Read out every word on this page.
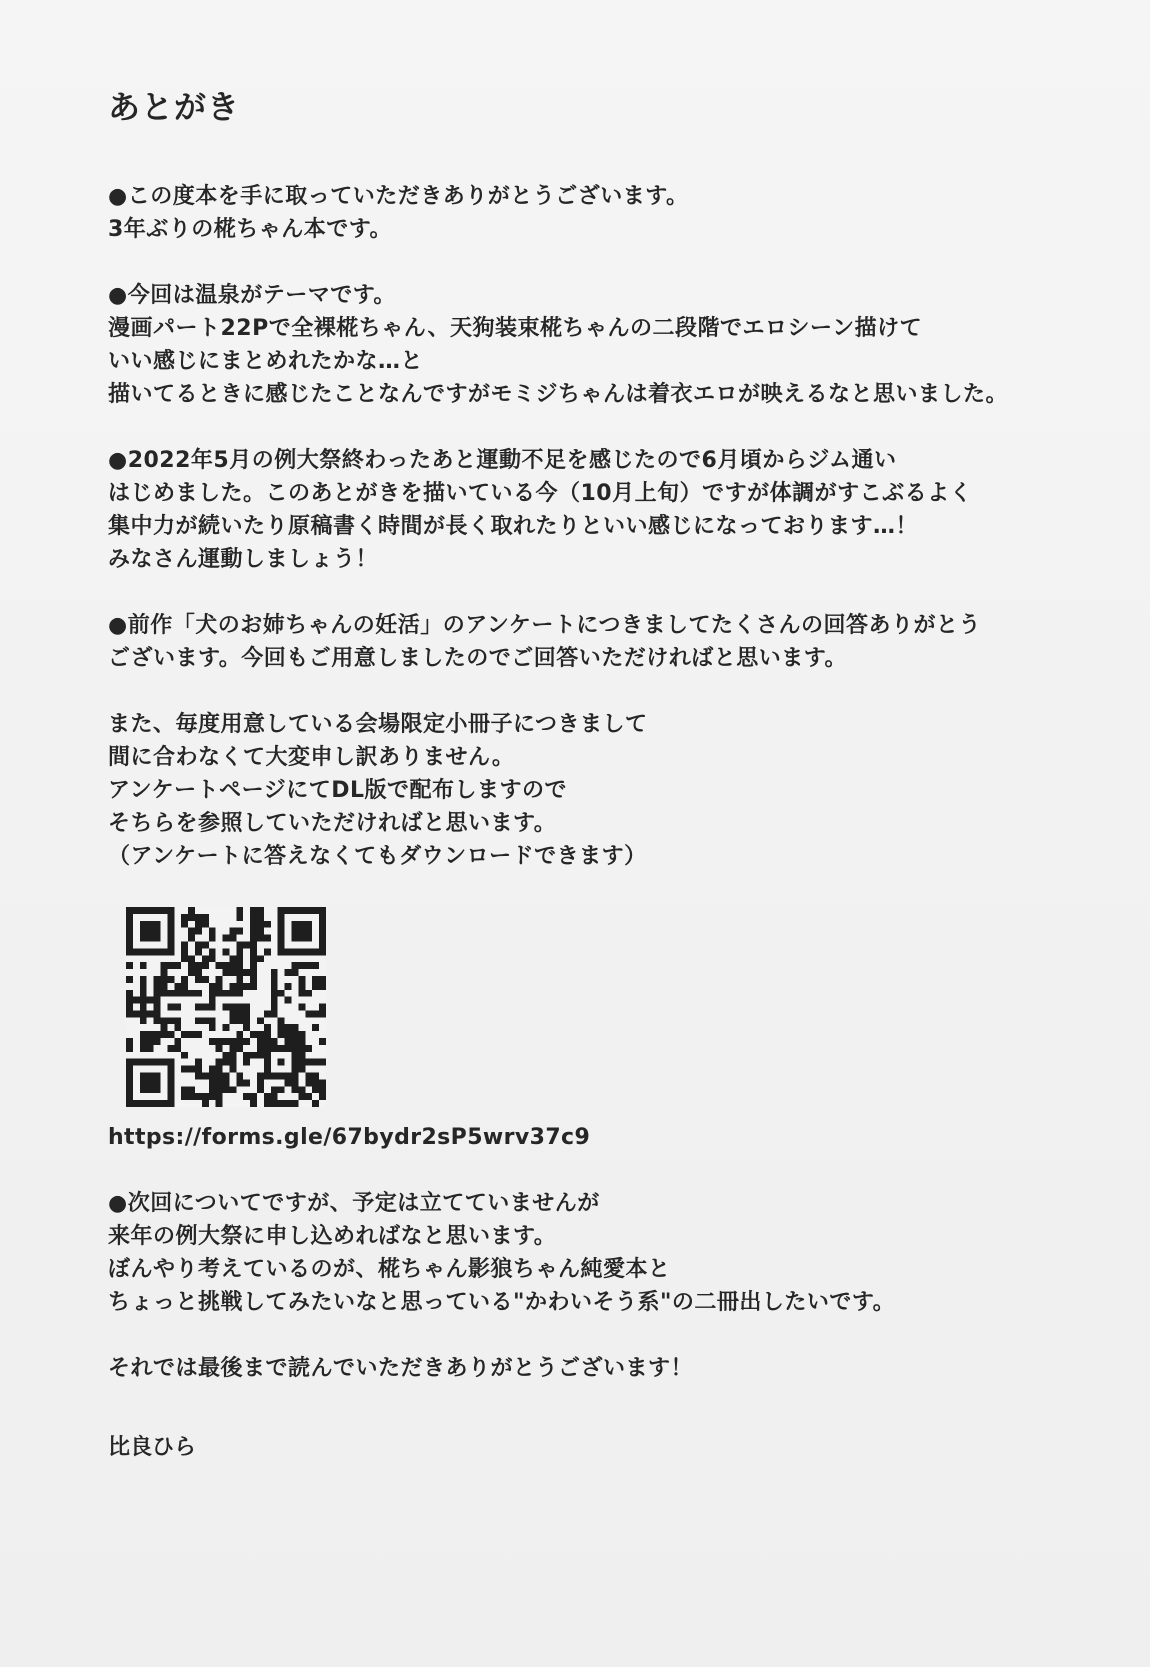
あとがき
●この度本を手に取っていただきありがとうございます。
3年ぶりの椛ちゃん本です。
●今回は温泉がテーマです。
漫画パート22Pで全裸椛ちゃん、天狗装束椛ちゃんの二段階でエロシーン描けて
いい感じにまとめれたかな…と
描いてるときに感じたことなんですがモミジちゃんは着衣エロが映えるなと思いました。
●2022年5月の例大祭終わったあと運動不足を感じたので6月頃からジム通い
はじめました。このあとがきを描いている今（10月上旬）ですが体調がすこぶるよく
集中力が続いたり原稿書く時間が長く取れたりといい感じになっております…！
みなさん運動しましょう！
●前作「犬のお姉ちゃんの妊活」のアンケートにつきましてたくさんの回答ありがとう
ございます。今回もご用意しましたのでご回答いただければと思います。
また、毎度用意している会場限定小冊子につきまして
間に合わなくて大変申し訳ありません。
アンケートページにてDL版で配布しますので
そちらを参照していただければと思います。
（アンケートに答えなくてもダウンロードできます）
https://forms.gle/67bydr2sP5wrv37c9
●次回についてですが、予定は立てていませんが
来年の例大祭に申し込めればなと思います。
ぼんやり考えているのが、椛ちゃん影狼ちゃん純愛本と
ちょっと挑戦してみたいなと思っている"かわいそう系"の二冊出したいです。
それでは最後まで読んでいただきありがとうございます！
比良ひら
